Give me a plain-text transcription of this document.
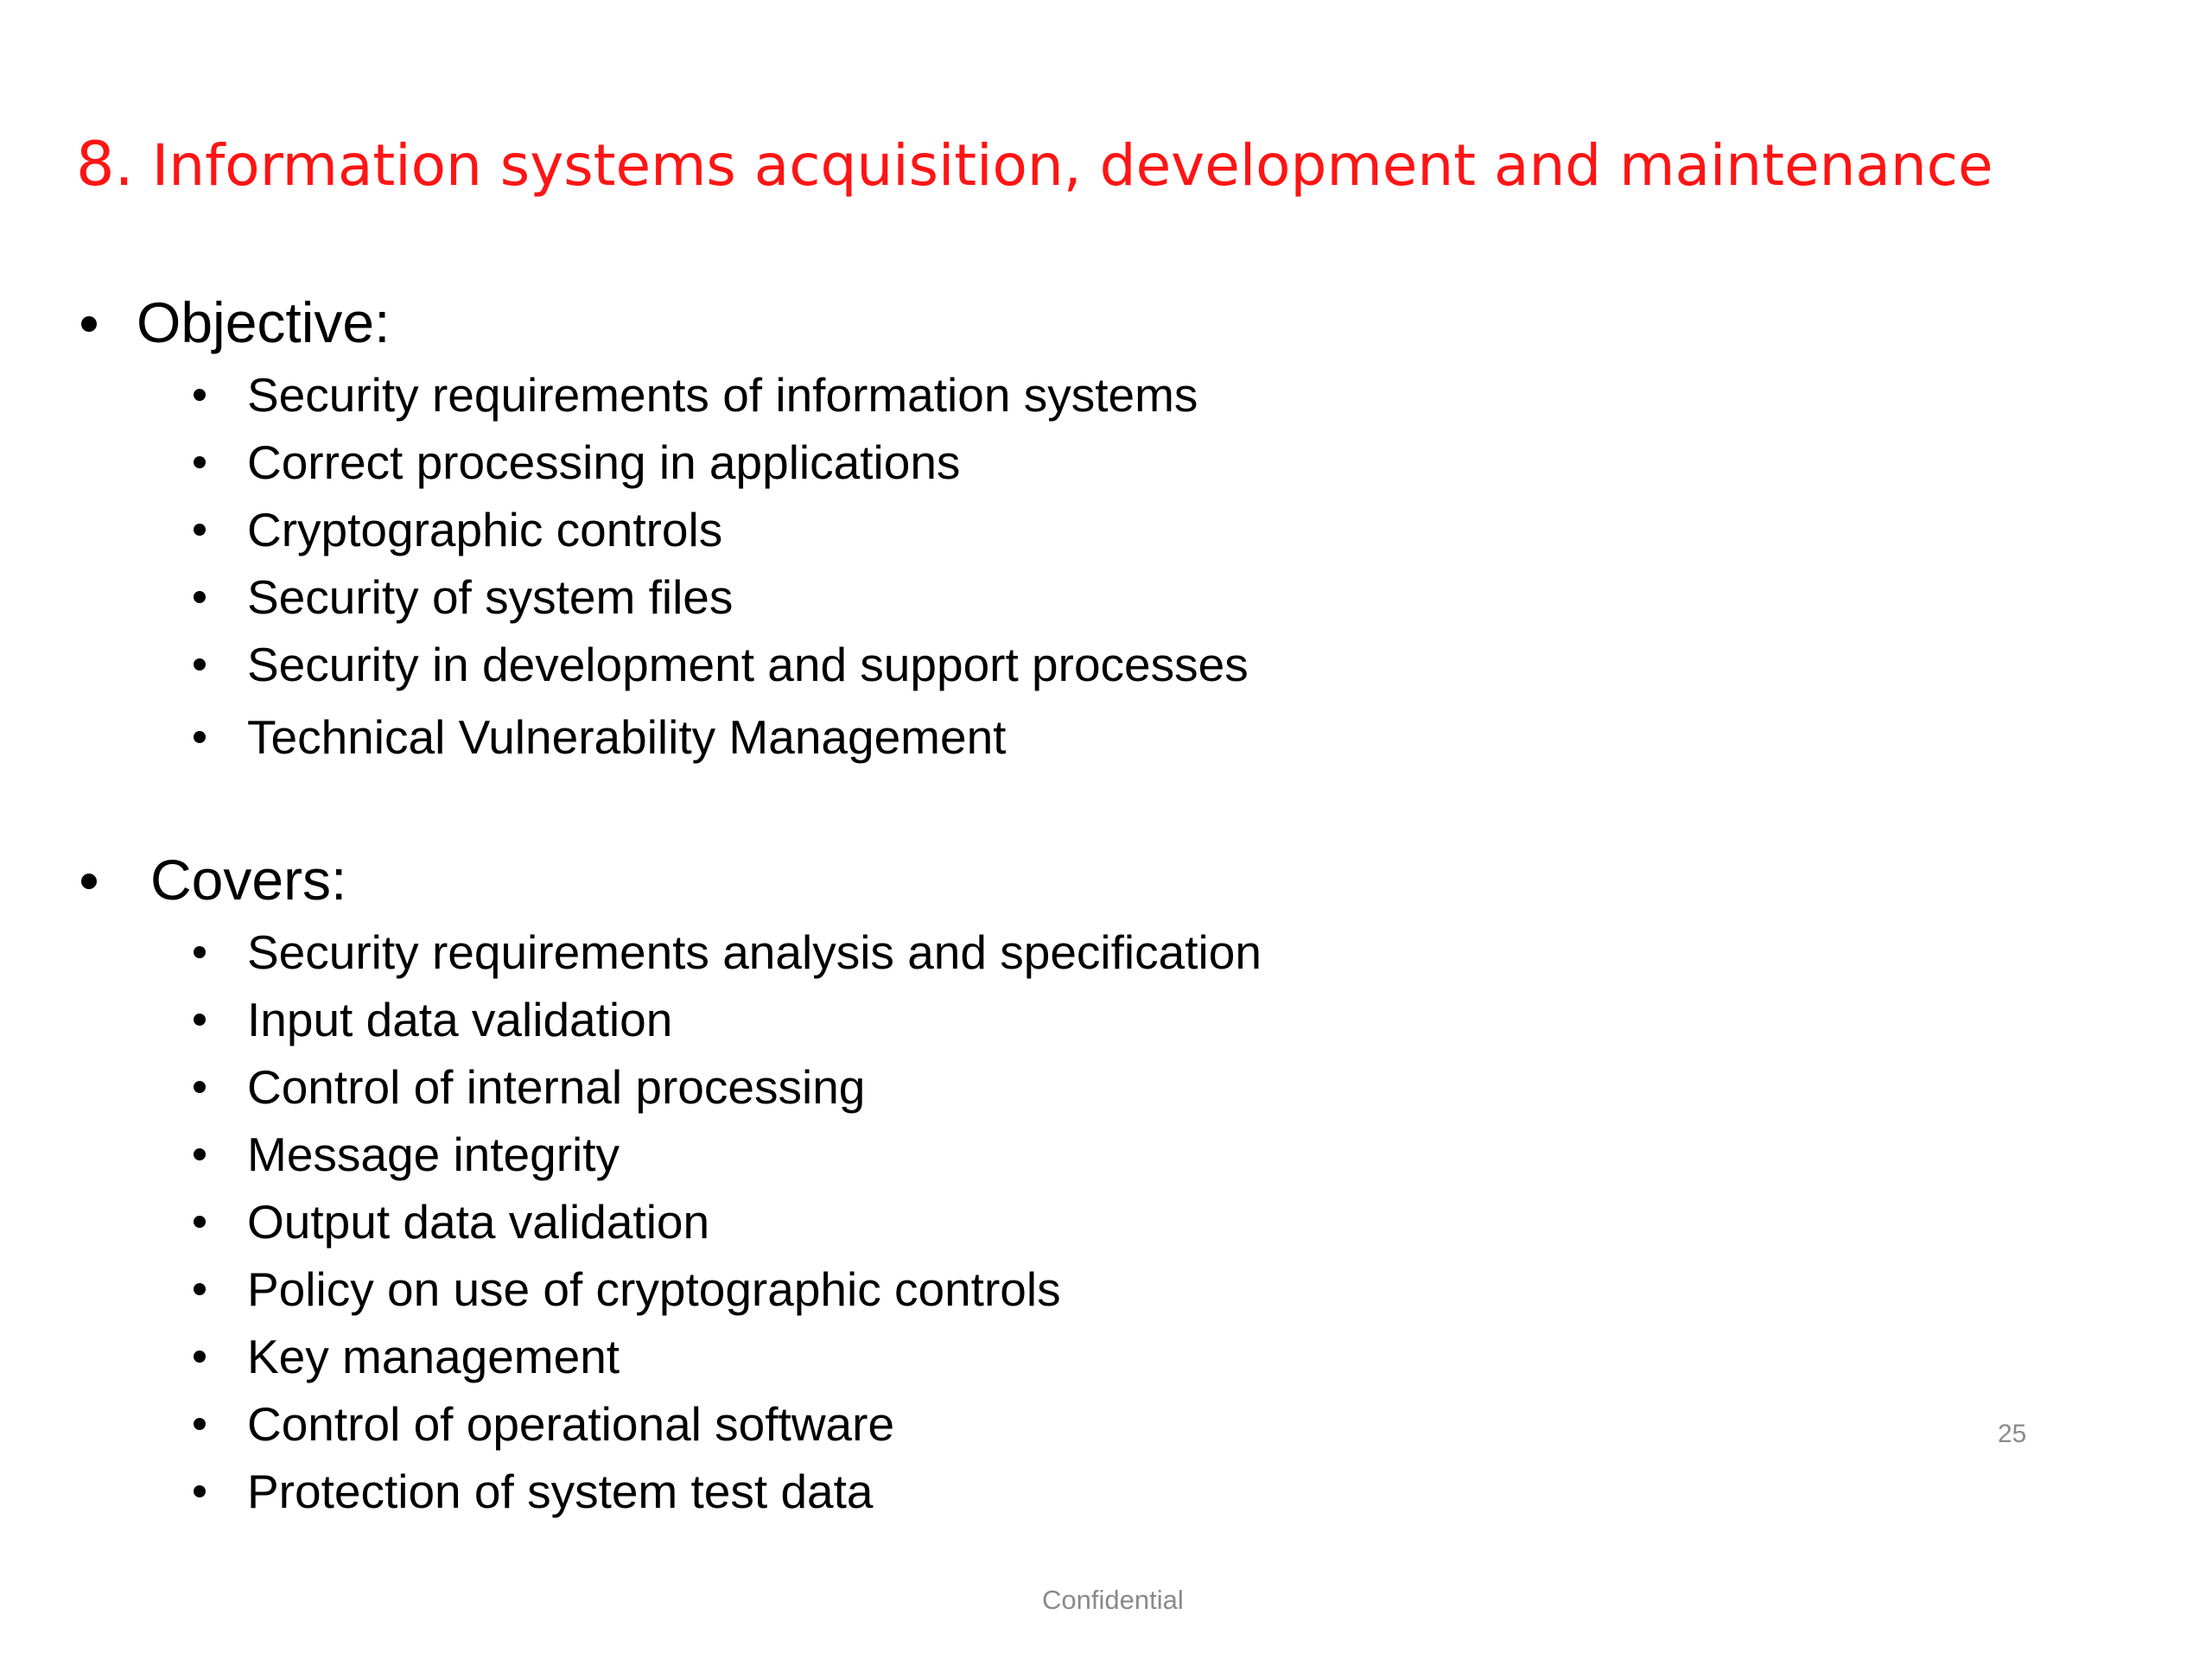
8. Information systems acquisition, development and maintenance

Objective:

Security requirements of information systems

Correct processing in applications

Cryptographic controls

Security of system files

Security in development and support processes

Technical Vulnerability Management

Covers:

Security requirements analysis and specification

Input data validation

Control of internal processing

Message integrity

Output data validation

Policy on use of cryptographic controls

Key management

Control of operational software

Protection of system test data

25
Confidential
